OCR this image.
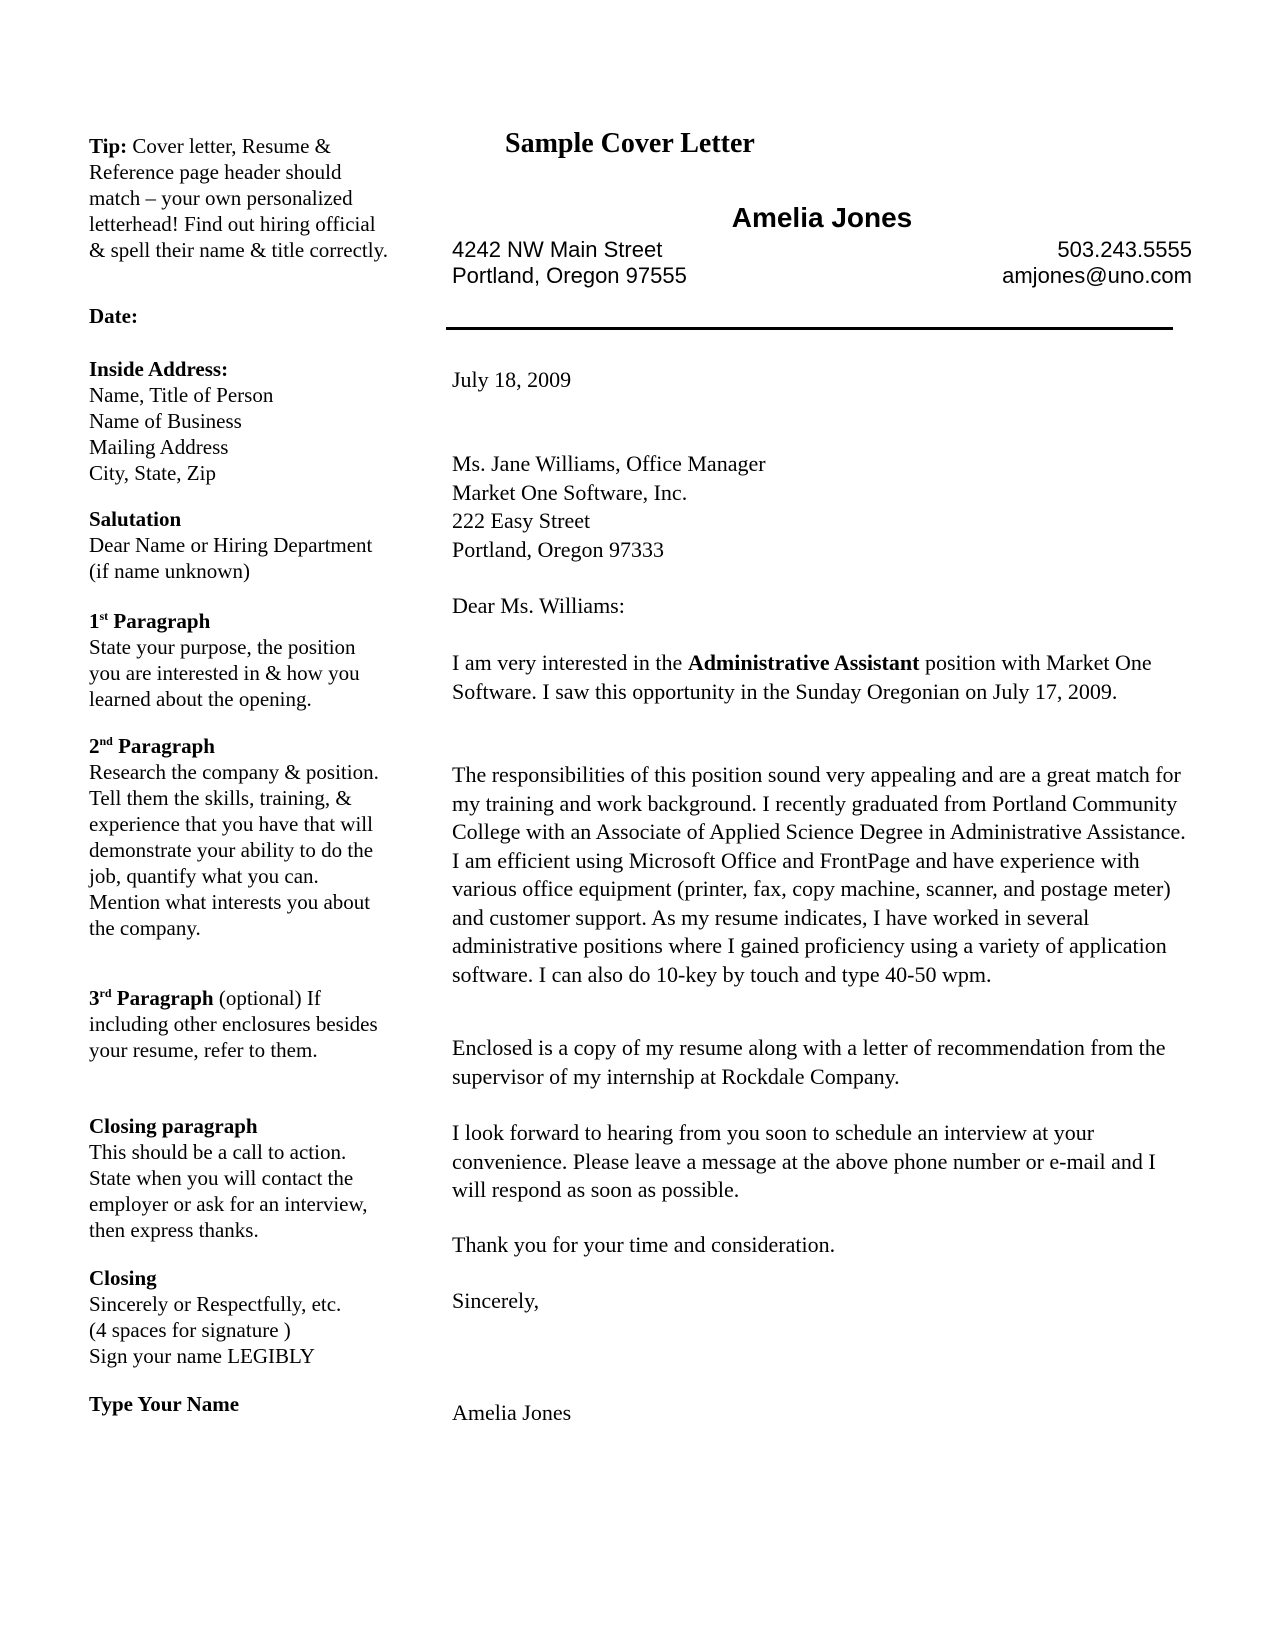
Tip: Cover letter, Resume & Reference page header should match – your own personalized letterhead! Find out hiring official & spell their name & title correctly.

Date:

Inside Address:

Name, Title of Person

Name of Business

Mailing Address

City, State, Zip

Salutation

Dear Name or Hiring Department (if name unknown)

1st Paragraph

State your purpose, the position you are interested in & how you learned about the opening.

2nd Paragraph

Research the company & position. Tell them the skills, training, & experience that you have that will demonstrate your ability to do the job, quantify what you can. Mention what interests you about the company.

3rd Paragraph (optional) If including other enclosures besides your resume, refer to them.

Closing paragraph

This should be a call to action. State when you will contact the employer or ask for an interview, then express thanks.

Closing

Sincerely or Respectfully, etc.

(4 spaces for signature )

Sign your name LEGIBLY

Type Your Name

Sample Cover Letter
Amelia Jones
4242 NW Main Street	503.243.5555
Portland, Oregon 97555	amjones@uno.com
July 18, 2009

Ms. Jane Williams, Office Manager

Market One Software, Inc.

222 Easy Street

Portland, Oregon 97333

Dear Ms. Williams:

I am very interested in the Administrative Assistant position with Market One Software. I saw this opportunity in the Sunday Oregonian on July 17, 2009.

The responsibilities of this position sound very appealing and are a great match for my training and work background. I recently graduated from Portland Community College with an Associate of Applied Science Degree in Administrative Assistance. I am efficient using Microsoft Office and FrontPage and have experience with various office equipment (printer, fax, copy machine, scanner, and postage meter) and customer support. As my resume indicates, I have worked in several administrative positions where I gained proficiency using a variety of application software. I can also do 10-key by touch and type 40-50 wpm.
Enclosed is a copy of my resume along with a letter of recommendation from the supervisor of my internship at Rockdale Company.
I look forward to hearing from you soon to schedule an interview at your convenience. Please leave a message at the above phone number or e-mail and I will respond as soon as possible.
Thank you for your time and consideration.
Sincerely,
Amelia Jones
